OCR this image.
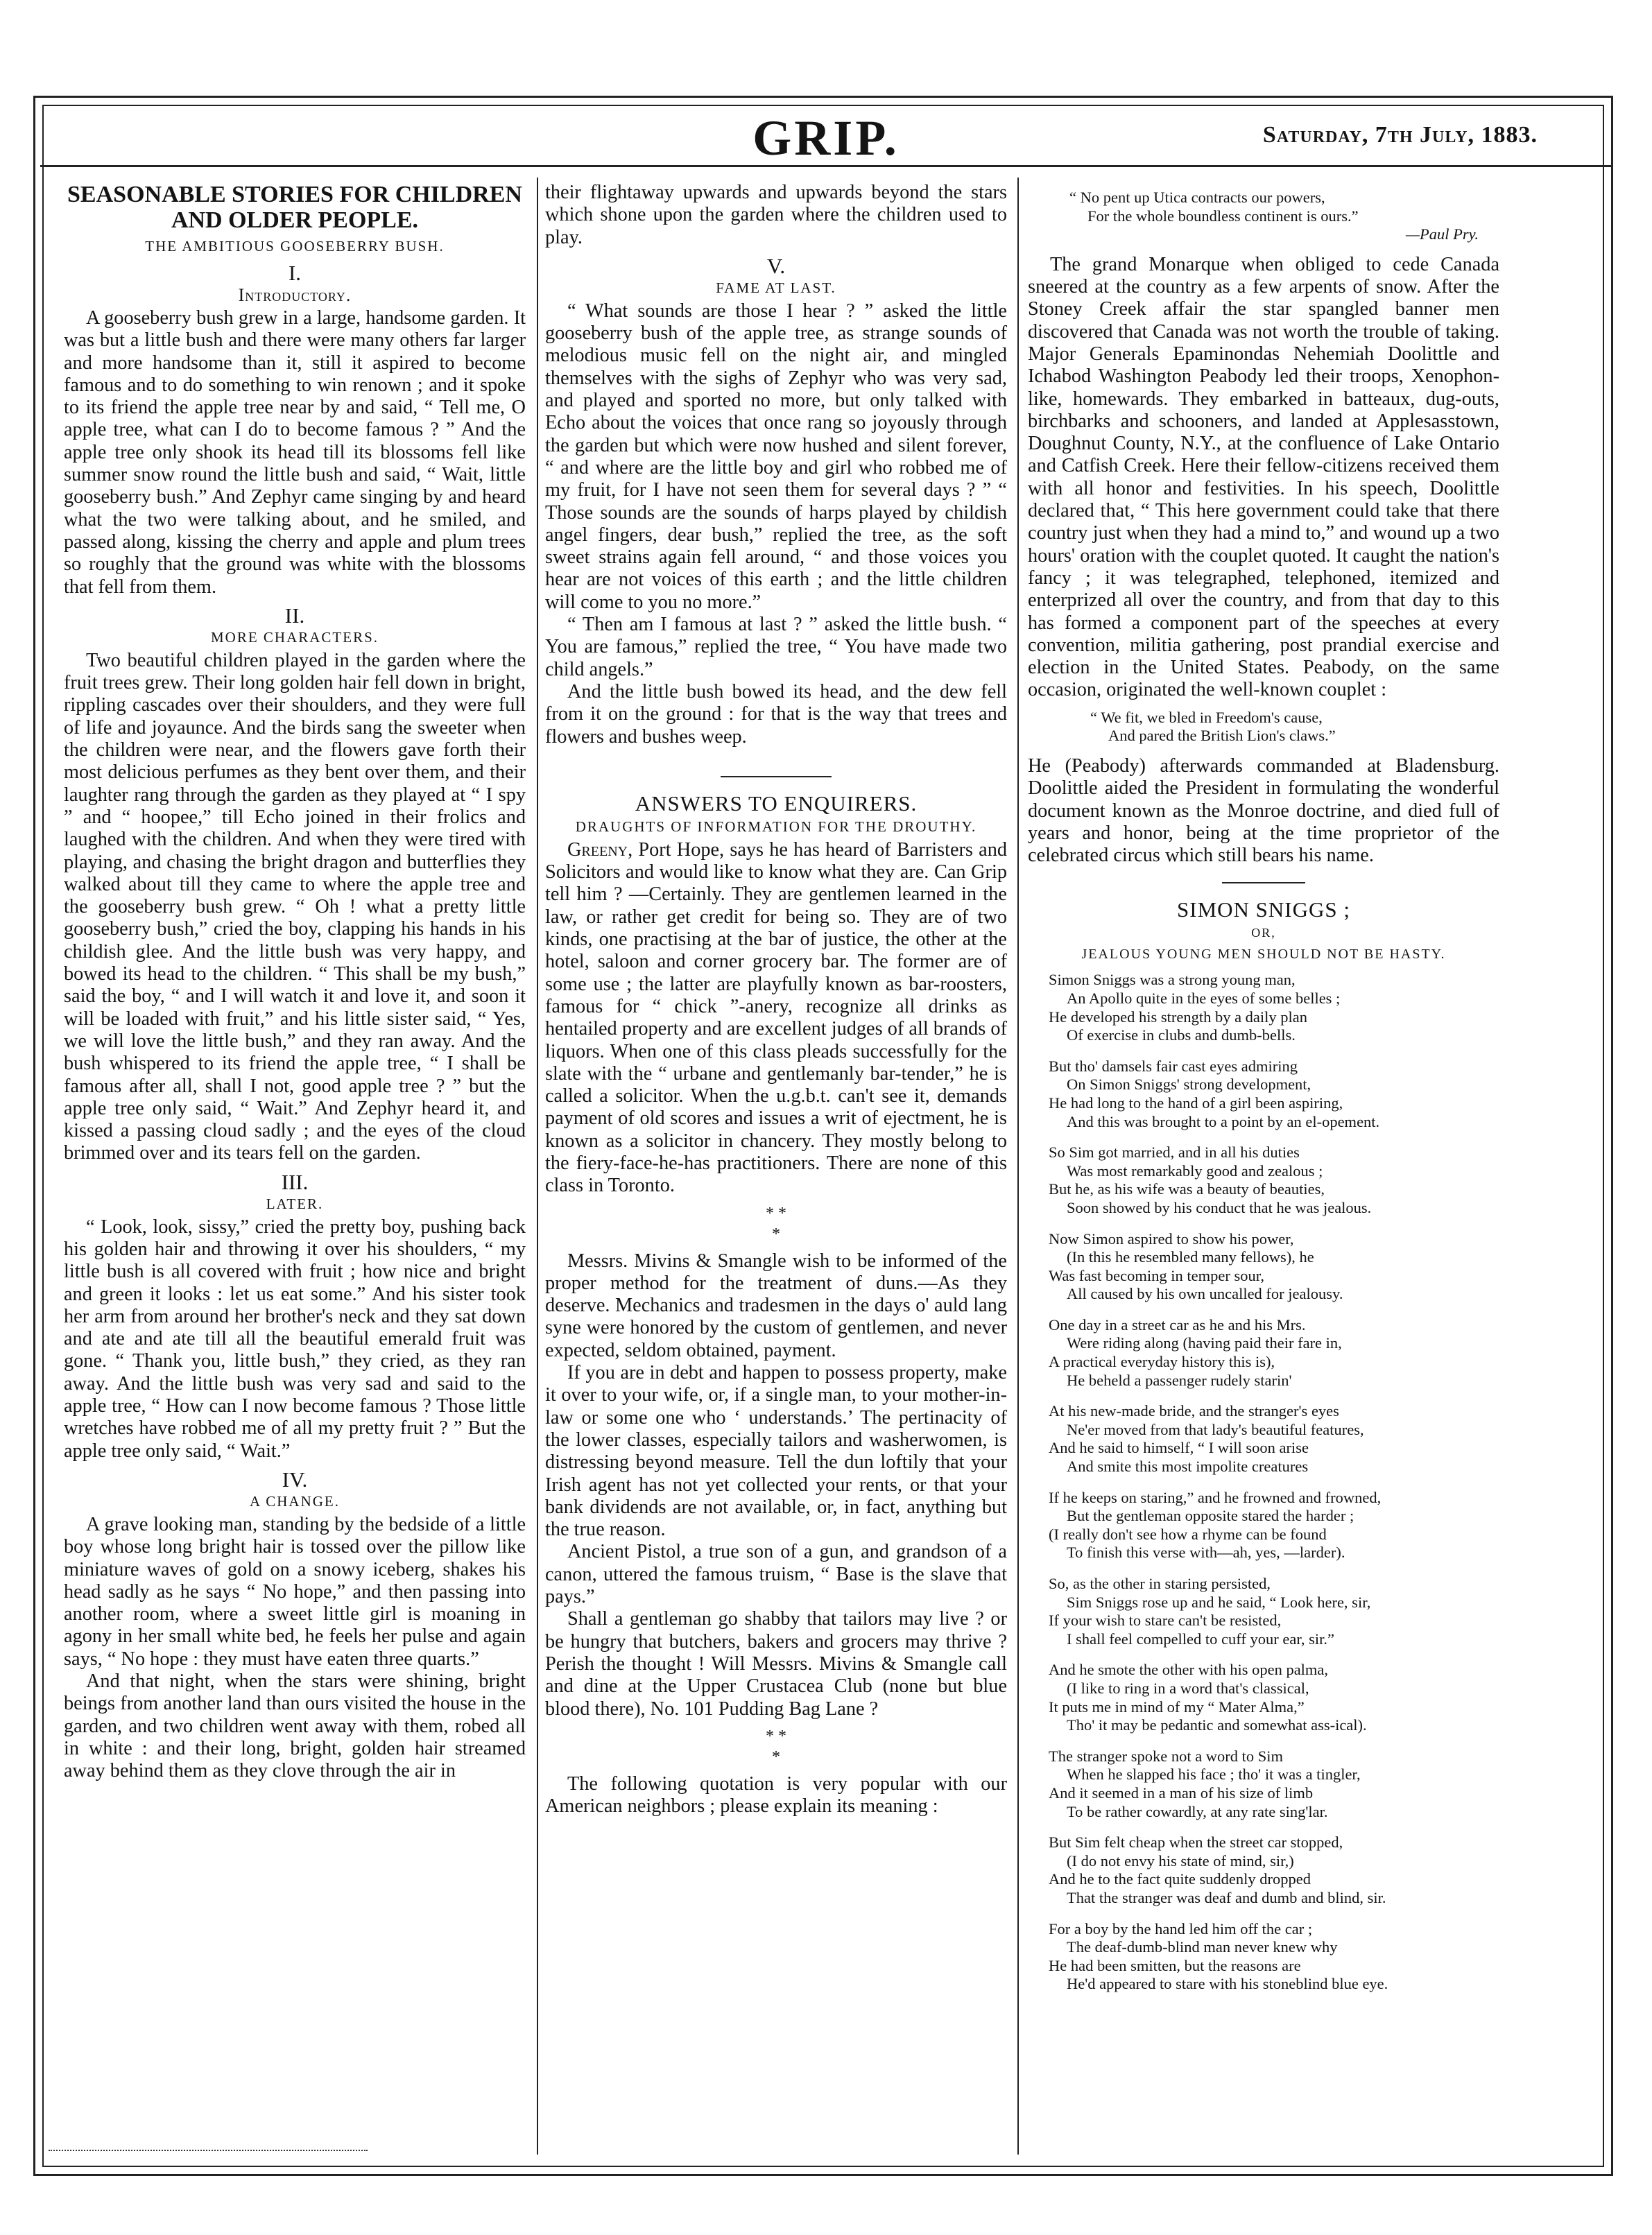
GRIP.	Saturday, 7th July, 1883.
SEASONABLE STORIES FOR CHILDREN AND OLDER PEOPLE.
THE AMBITIOUS GOOSEBERRY BUSH.
I.
Introductory.

A gooseberry bush grew in a large, handsome garden. It was but a little bush and there were many others far larger and more handsome than it, still it aspired to become famous and to do something to win renown ; and it spoke to its friend the apple tree near by and said, “ Tell me, O apple tree, what can I do to become famous ? ” And the apple tree only shook its head till its blossoms fell like summer snow round the little bush and said, “ Wait, little gooseberry bush.” And Zephyr came singing by and heard what the two were talking about, and he smiled, and passed along, kissing the cherry and apple and plum trees so roughly that the ground was white with the blossoms that fell from them.

II.
MORE CHARACTERS.

Two beautiful children played in the garden where the fruit trees grew. Their long golden hair fell down in bright, rippling cascades over their shoulders, and they were full of life and joyaunce. And the birds sang the sweeter when the children were near, and the flowers gave forth their most delicious perfumes as they bent over them, and their laughter rang through the garden as they played at “ I spy ” and “ hoopee,” till Echo joined in their frolics and laughed with the children. And when they were tired with playing, and chasing the bright dragon and butterflies they walked about till they came to where the apple tree and the gooseberry bush grew. “ Oh ! what a pretty little gooseberry bush,” cried the boy, clapping his hands in his childish glee. And the little bush was very happy, and bowed its head to the children. “ This shall be my bush,” said the boy, “ and I will watch it and love it, and soon it will be loaded with fruit,” and his little sister said, “ Yes, we will love the little bush,” and they ran away. And the bush whispered to its friend the apple tree, “ I shall be famous after all, shall I not, good apple tree ? ” but the apple tree only said, “ Wait.” And Zephyr heard it, and kissed a passing cloud sadly ; and the eyes of the cloud brimmed over and its tears fell on the garden.

III.
LATER.

“ Look, look, sissy,” cried the pretty boy, pushing back his golden hair and throwing it over his shoulders, “ my little bush is all covered with fruit ; how nice and bright and green it looks : let us eat some.” And his sister took her arm from around her brother's neck and they sat down and ate and ate till all the beautiful emerald fruit was gone. “ Thank you, little bush,” they cried, as they ran away. And the little bush was very sad and said to the apple tree, “ How can I now become famous ? Those little wretches have robbed me of all my pretty fruit ? ” But the apple tree only said, “ Wait.”

IV.
A CHANGE.

A grave looking man, standing by the bedside of a little boy whose long bright hair is tossed over the pillow like miniature waves of gold on a snowy iceberg, shakes his head sadly as he says “ No hope,” and then passing into another room, where a sweet little girl is moaning in agony in her small white bed, he feels her pulse and again says, “ No hope : they must have eaten three quarts.”

And that night, when the stars were shining, bright beings from another land than ours visited the house in the garden, and two children went away with them, robed all in white : and their long, bright, golden hair streamed away behind them as they clove through the air in

their flightaway upwards and upwards beyond the stars which shone upon the garden where the children used to play.

V.
FAME AT LAST.

“ What sounds are those I hear ? ” asked the little gooseberry bush of the apple tree, as strange sounds of melodious music fell on the night air, and mingled themselves with the sighs of Zephyr who was very sad, and played and sported no more, but only talked with Echo about the voices that once rang so joyously through the garden but which were now hushed and silent forever, “ and where are the little boy and girl who robbed me of my fruit, for I have not seen them for several days ? ” “ Those sounds are the sounds of harps played by childish angel fingers, dear bush,” replied the tree, as the soft sweet strains again fell around, “ and those voices you hear are not voices of this earth ; and the little children will come to you no more.”

“ Then am I famous at last ? ” asked the little bush. “ You are famous,” replied the tree, “ You have made two child angels.”

And the little bush bowed its head, and the dew fell from it on the ground : for that is the way that trees and flowers and bushes weep.

ANSWERS TO ENQUIRERS.
DRAUGHTS OF INFORMATION FOR THE DROUTHY.

Greeny, Port Hope, says he has heard of Barristers and Solicitors and would like to know what they are. Can Grip tell him ? —Certainly. They are gentlemen learned in the law, or rather get credit for being so. They are of two kinds, one practising at the bar of justice, the other at the hotel, saloon and corner grocery bar. The former are of some use ; the latter are playfully known as bar-roosters, famous for “ chick ”-anery, recognize all drinks as hentailed property and are excellent judges of all brands of liquors. When one of this class pleads successfully for the slate with the “ urbane and gentlemanly bar-tender,” he is called a solicitor. When the u.g.b.t. can't see it, demands payment of old scores and issues a writ of ejectment, he is known as a solicitor in chancery. They mostly belong to the fiery-face-he-has practitioners. There are none of this class in Toronto.

* *
*

Messrs. Mivins & Smangle wish to be informed of the proper method for the treatment of duns.—As they deserve. Mechanics and tradesmen in the days o' auld lang syne were honored by the custom of gentlemen, and never expected, seldom obtained, payment.

If you are in debt and happen to possess property, make it over to your wife, or, if a single man, to your mother-in-law or some one who ‘ understands.’ The pertinacity of the lower classes, especially tailors and washerwomen, is distressing beyond measure. Tell the dun loftily that your Irish agent has not yet collected your rents, or that your bank dividends are not available, or, in fact, anything but the true reason.

Ancient Pistol, a true son of a gun, and grandson of a canon, uttered the famous truism, “ Base is the slave that pays.”

Shall a gentleman go shabby that tailors may live ? or be hungry that butchers, bakers and grocers may thrive ? Perish the thought ! Will Messrs. Mivins & Smangle call and dine at the Upper Crustacea Club (none but blue blood there), No. 101 Pudding Bag Lane ?

* *
*

The following quotation is very popular with our American neighbors ; please explain its meaning :

“ No pent up Utica contracts our powers,
For the whole boundless continent is ours.”
—Paul Pry.

The grand Monarque when obliged to cede Canada sneered at the country as a few arpents of snow. After the Stoney Creek affair the star spangled banner men discovered that Canada was not worth the trouble of taking. Major Generals Epaminondas Nehemiah Doolittle and Ichabod Washington Peabody led their troops, Xenophon-like, homewards. They embarked in batteaux, dug-outs, birchbarks and schooners, and landed at Applesasstown, Doughnut County, N.Y., at the confluence of Lake Ontario and Catfish Creek. Here their fellow-citizens received them with all honor and festivities. In his speech, Doolittle declared that, “ This here government could take that there country just when they had a mind to,” and wound up a two hours' oration with the couplet quoted. It caught the nation's fancy ; it was telegraphed, telephoned, itemized and enterprized all over the country, and from that day to this has formed a component part of the speeches at every convention, militia gathering, post prandial exercise and election in the United States. Peabody, on the same occasion, originated the well-known couplet :

“ We fit, we bled in Freedom's cause,
And pared the British Lion's claws.”

He (Peabody) afterwards commanded at Bladensburg. Doolittle aided the President in formulating the wonderful document known as the Monroe doctrine, and died full of years and honor, being at the time proprietor of the celebrated circus which still bears his name.

SIMON SNIGGS ;
OR,
JEALOUS YOUNG MEN SHOULD NOT BE HASTY.
Simon Sniggs was a strong young man,
An Apollo quite in the eyes of some belles ;
He developed his strength by a daily plan
Of exercise in clubs and dumb-bells.
But tho' damsels fair cast eyes admiring
On Simon Sniggs' strong development,
He had long to the hand of a girl been aspiring,
And this was brought to a point by an el-opement.
So Sim got married, and in all his duties
Was most remarkably good and zealous ;
But he, as his wife was a beauty of beauties,
Soon showed by his conduct that he was jealous.
Now Simon aspired to show his power,
(In this he resembled many fellows), he
Was fast becoming in temper sour,
All caused by his own uncalled for jealousy.
One day in a street car as he and his Mrs.
Were riding along (having paid their fare in,
A practical everyday history this is),
He beheld a passenger rudely starin'
At his new-made bride, and the stranger's eyes
Ne'er moved from that lady's beautiful features,
And he said to himself, “ I will soon arise
And smite this most impolite creatures
If he keeps on staring,” and he frowned and frowned,
But the gentleman opposite stared the harder ;
(I really don't see how a rhyme can be found
To finish this verse with—ah, yes, —larder).
So, as the other in staring persisted,
Sim Sniggs rose up and he said, “ Look here, sir,
If your wish to stare can't be resisted,
I shall feel compelled to cuff your ear, sir.”
And he smote the other with his open palma,
(I like to ring in a word that's classical,
It puts me in mind of my “ Mater Alma,”
Tho' it may be pedantic and somewhat ass-ical).
The stranger spoke not a word to Sim
When he slapped his face ; tho' it was a tingler,
And it seemed in a man of his size of limb
To be rather cowardly, at any rate sing'lar.
But Sim felt cheap when the street car stopped,
(I do not envy his state of mind, sir,)
And he to the fact quite suddenly dropped
That the stranger was deaf and dumb and blind, sir.
For a boy by the hand led him off the car ;
The deaf-dumb-blind man never knew why
He had been smitten, but the reasons are
He'd appeared to stare with his stoneblind blue eye.
